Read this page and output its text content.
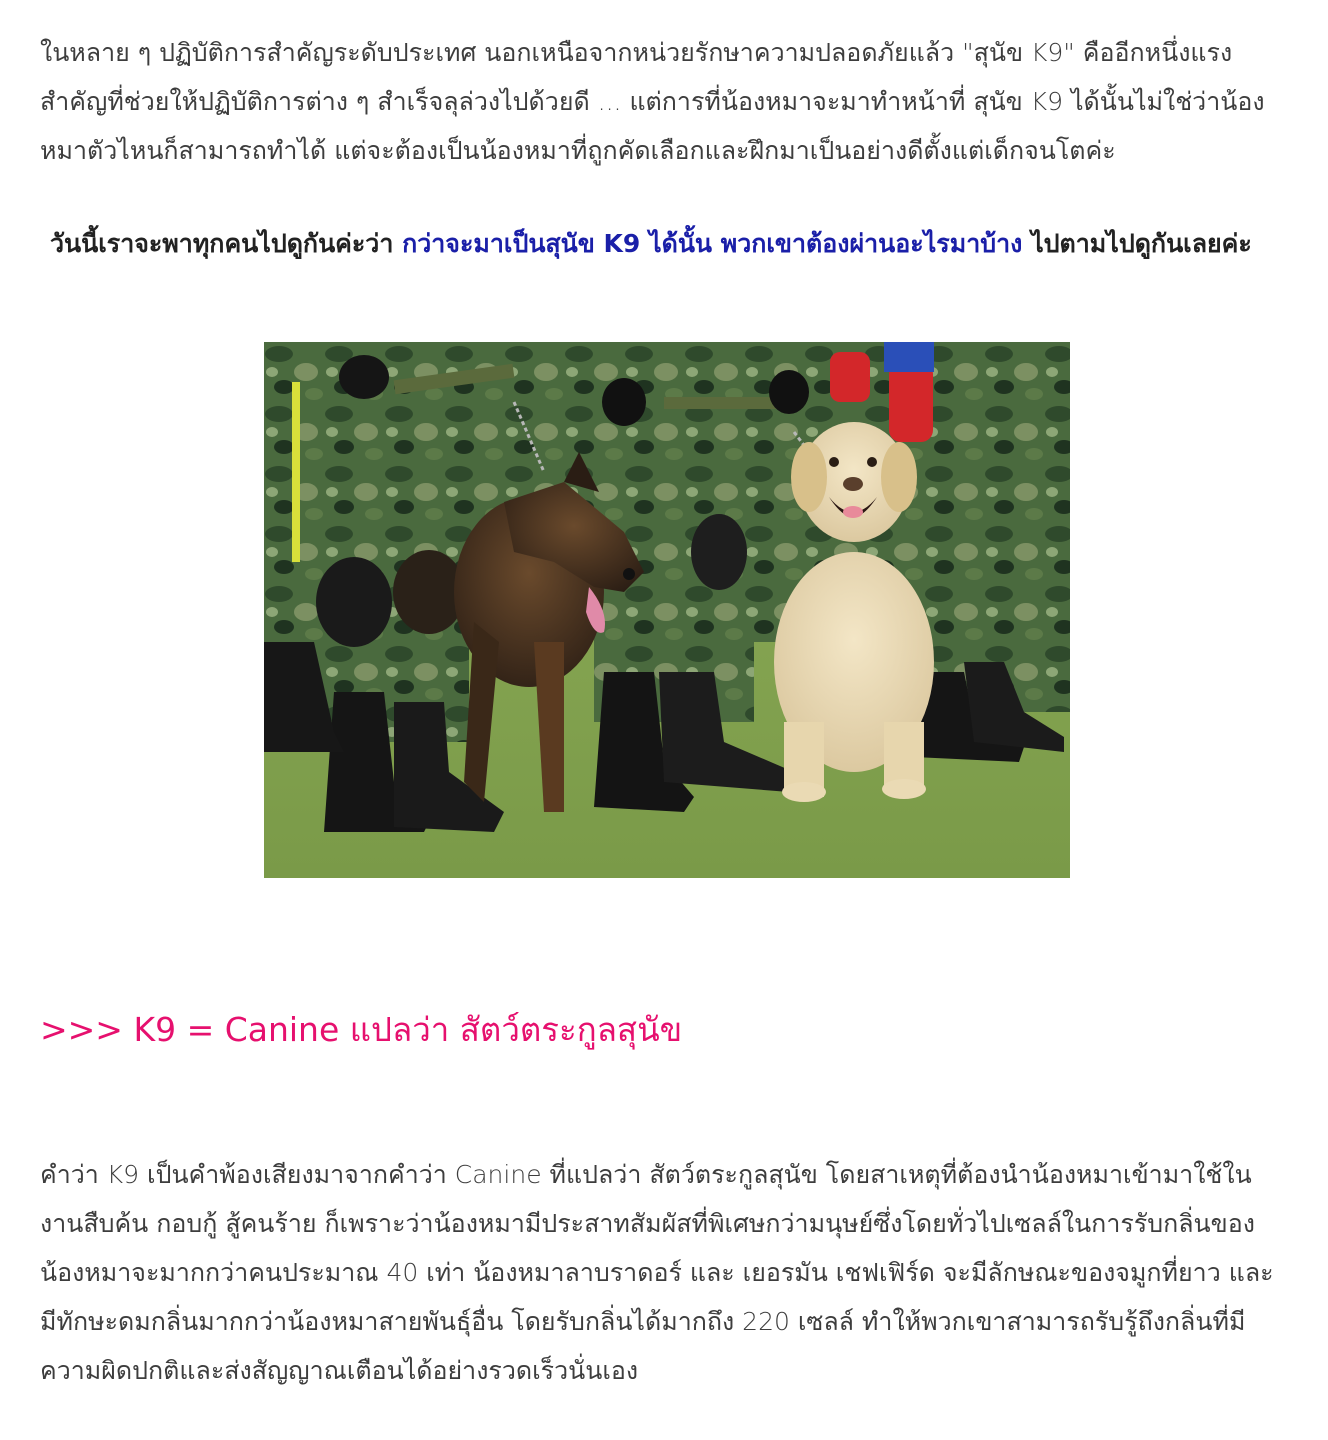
ในหลาย ๆ ปฏิบัติการสำคัญระดับประเทศ นอกเหนือจากหน่วยรักษาความปลอดภัยแล้ว "สุนัข K9" คืออีกหนึ่งแรงสำคัญที่ช่วยให้ปฏิบัติการต่าง ๆ สำเร็จลุล่วงไปด้วยดี ... แต่การที่น้องหมาจะมาทำหน้าที่ สุนัข K9 ได้นั้นไม่ใช่ว่าน้องหมาตัวไหนก็สามารถทำได้ แต่จะต้องเป็นน้องหมาที่ถูกคัดเลือกและฝึกมาเป็นอย่างดีตั้งแต่เด็กจนโตค่ะ

วันนี้เราจะพาทุกคนไปดูกันค่ะว่า กว่าจะมาเป็นสุนัข K9 ได้นั้น พวกเขาต้องผ่านอะไรมาบ้าง ไปตามไปดูกันเลยค่ะ

>>> K9 = Canine แปลว่า สัตว์ตระกูลสุนัข

คำว่า K9 เป็นคำพ้องเสียงมาจากคำว่า Canine ที่แปลว่า สัตว์ตระกูลสุนัข โดยสาเหตุที่ต้องนำน้องหมาเข้ามาใช้ในงานสืบค้น กอบกู้ สู้คนร้าย ก็เพราะว่าน้องหมามีประสาทสัมผัสที่พิเศษกว่ามนุษย์ซึ่งโดยทั่วไปเซลล์ในการรับกลิ่นของน้องหมาจะมากกว่าคนประมาณ 40 เท่า น้องหมาลาบราดอร์ และ เยอรมัน เชฟเฟิร์ด จะมีลักษณะของจมูกที่ยาว และมีทักษะดมกลิ่นมากกว่าน้องหมาสายพันธุ์อื่น โดยรับกลิ่นได้มากถึง 220 เซลล์ ทำให้พวกเขาสามารถรับรู้ถึงกลิ่นที่มีความผิดปกติและส่งสัญญาณเตือนได้อย่างรวดเร็วนั่นเอง
